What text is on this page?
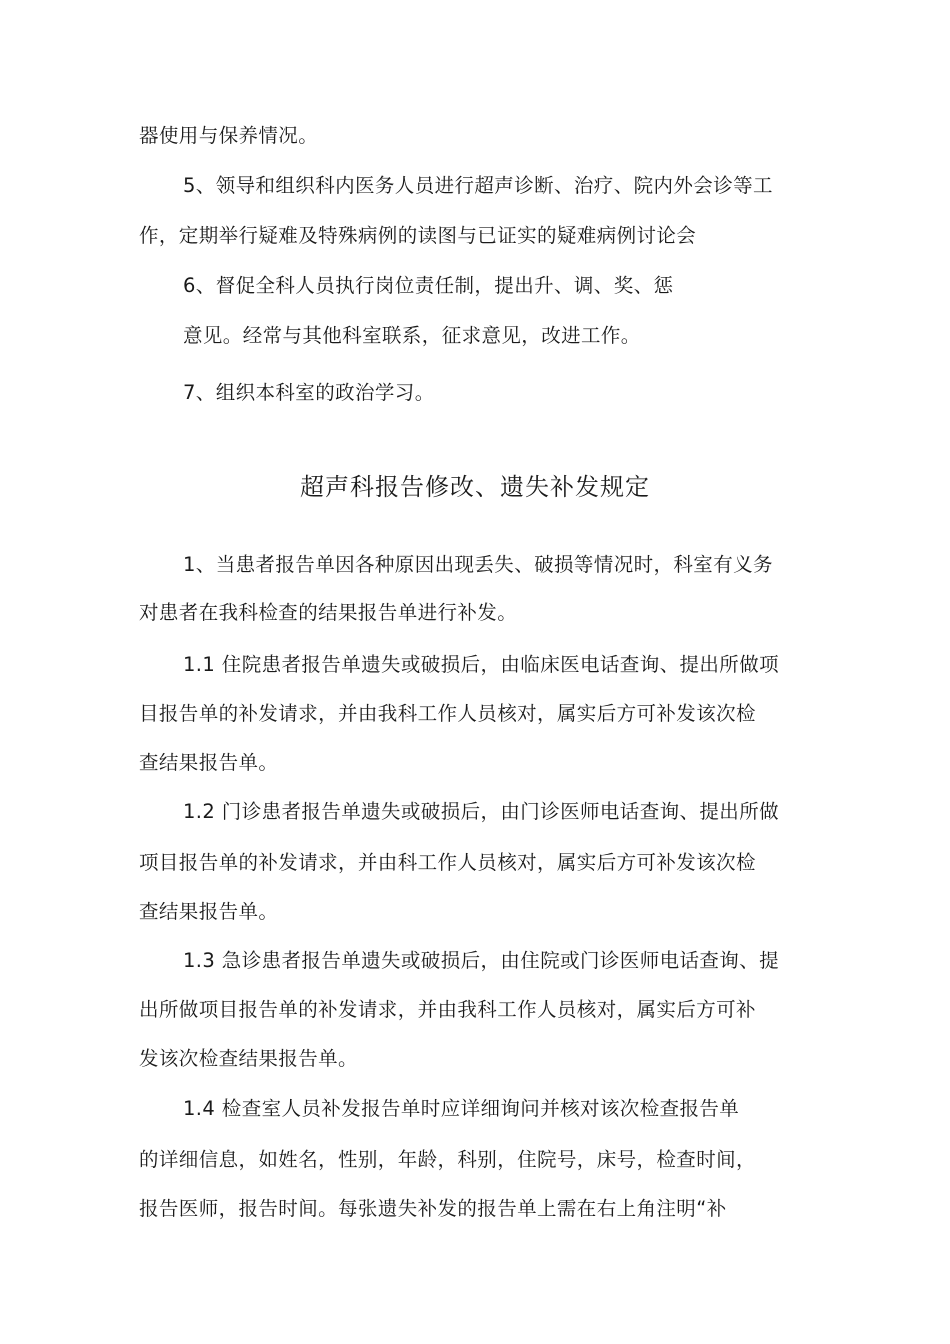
器使用与保养情况。
5、领导和组织科内医务人员进行超声诊断、治疗、院内外会诊等工
作，定期举行疑难及特殊病例的读图与已证实的疑难病例讨论会
6、督促全科人员执行岗位责任制，提出升、调、奖、惩
意见。经常与其他科室联系，征求意见，改进工作。
7、组织本科室的政治学习。
超声科报告修改、遗失补发规定
1、当患者报告单因各种原因出现丢失、破损等情况时，科室有义务
对患者在我科检查的结果报告单进行补发。
1.1 住院患者报告单遗失或破损后，由临床医电话查询、提出所做项
目报告单的补发请求，并由我科工作人员核对，属实后方可补发该次检
查结果报告单。
1.2 门诊患者报告单遗失或破损后，由门诊医师电话查询、提出所做
项目报告单的补发请求，并由科工作人员核对，属实后方可补发该次检
查结果报告单。
1.3 急诊患者报告单遗失或破损后，由住院或门诊医师电话查询、提
出所做项目报告单的补发请求，并由我科工作人员核对，属实后方可补
发该次检查结果报告单。
1.4 检查室人员补发报告单时应详细询问并核对该次检查报告单
的详细信息，如姓名，性别，年龄，科别，住院号，床号，检查时间，
报告医师，报告时间。每张遗失补发的报告单上需在右上角注明“补
